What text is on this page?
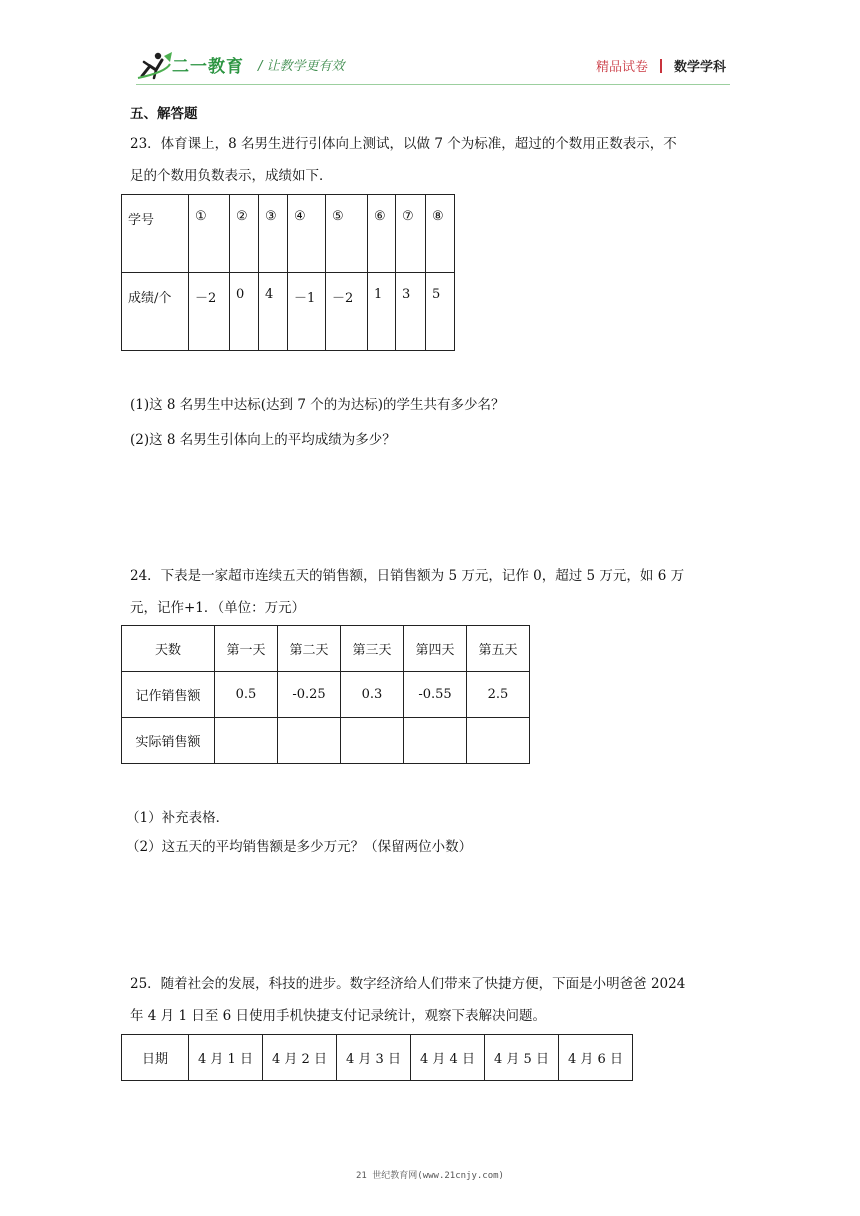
二一教育 / 让教学更有效	精品试卷 数学学科
五、解答题
23．体育课上，8 名男生进行引体向上测试，以做 7 个为标准，超过的个数用正数表示，不
足的个数用负数表示，成绩如下．
学号	①	②	③	④	⑤	⑥	⑦	⑧
成绩/个	－2	0	4	－1	－2	1	3	5
(1)这 8 名男生中达标(达到 7 个的为达标)的学生共有多少名？
(2)这 8 名男生引体向上的平均成绩为多少？
24．下表是一家超市连续五天的销售额，日销售额为 5 万元，记作 0，超过 5 万元，如 6 万
元，记作+1．（单位：万元）
天数	第一天	第二天	第三天	第四天	第五天
记作销售额	0.5	-0.25	0.3	-0.55	2.5
实际销售额					
（1）补充表格．
（2）这五天的平均销售额是多少万元？（保留两位小数）
25．随着社会的发展，科技的进步。数字经济给人们带来了快捷方便，下面是小明爸爸 2024
年 4 月 1 日至 6 日使用手机快捷支付记录统计，观察下表解决问题。
日期	4 月 1 日	4 月 2 日	4 月 3 日	4 月 4 日	4 月 5 日	4 月 6 日
21 世纪教育网(www.21cnjy.com)
